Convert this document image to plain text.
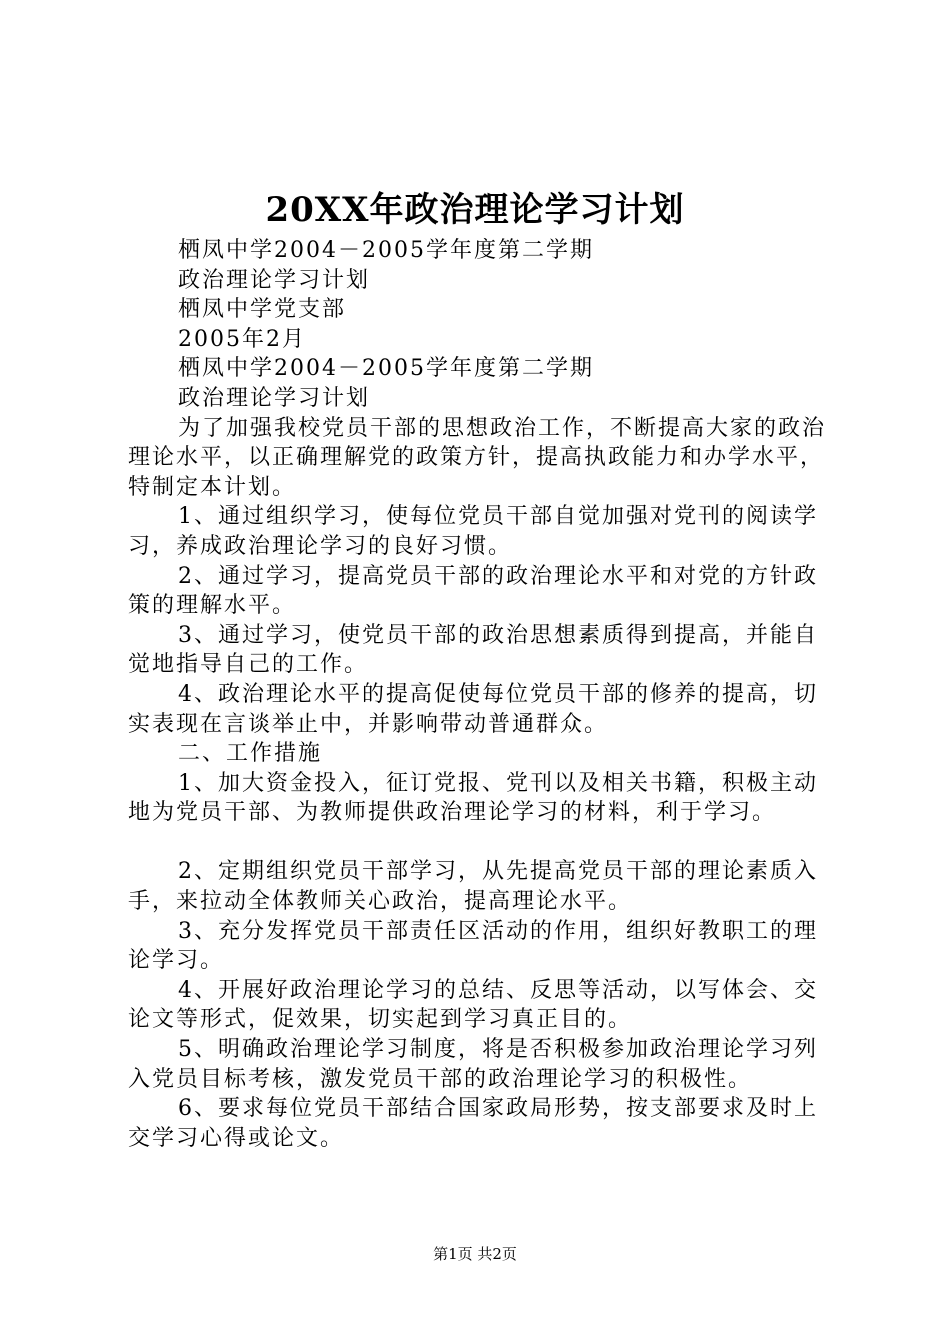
20XX年政治理论学习计划

栖凤中学2004－2005学年度第二学期

政治理论学习计划

栖凤中学党支部

2005年2月

栖凤中学2004－2005学年度第二学期

政治理论学习计划

为了加强我校党员干部的思想政治工作，不断提高大家的政治理论水平，以正确理解党的政策方针，提高执政能力和办学水平，特制定本计划。

1、通过组织学习，使每位党员干部自觉加强对党刊的阅读学习，养成政治理论学习的良好习惯。

2、通过学习，提高党员干部的政治理论水平和对党的方针政策的理解水平。

3、通过学习，使党员干部的政治思想素质得到提高，并能自觉地指导自己的工作。

4、政治理论水平的提高促使每位党员干部的修养的提高，切实表现在言谈举止中，并影响带动普通群众。

二、工作措施

1、加大资金投入，征订党报、党刊以及相关书籍，积极主动地为党员干部、为教师提供政治理论学习的材料，利于学习。

2、定期组织党员干部学习，从先提高党员干部的理论素质入手，来拉动全体教师关心政治，提高理论水平。

3、充分发挥党员干部责任区活动的作用，组织好教职工的理论学习。

4、开展好政治理论学习的总结、反思等活动，以写体会、交论文等形式，促效果，切实起到学习真正目的。

5、明确政治理论学习制度，将是否积极参加政治理论学习列入党员目标考核，激发党员干部的政治理论学习的积极性。

6、要求每位党员干部结合国家政局形势，按支部要求及时上交学习心得或论文。

第1页 共2页
